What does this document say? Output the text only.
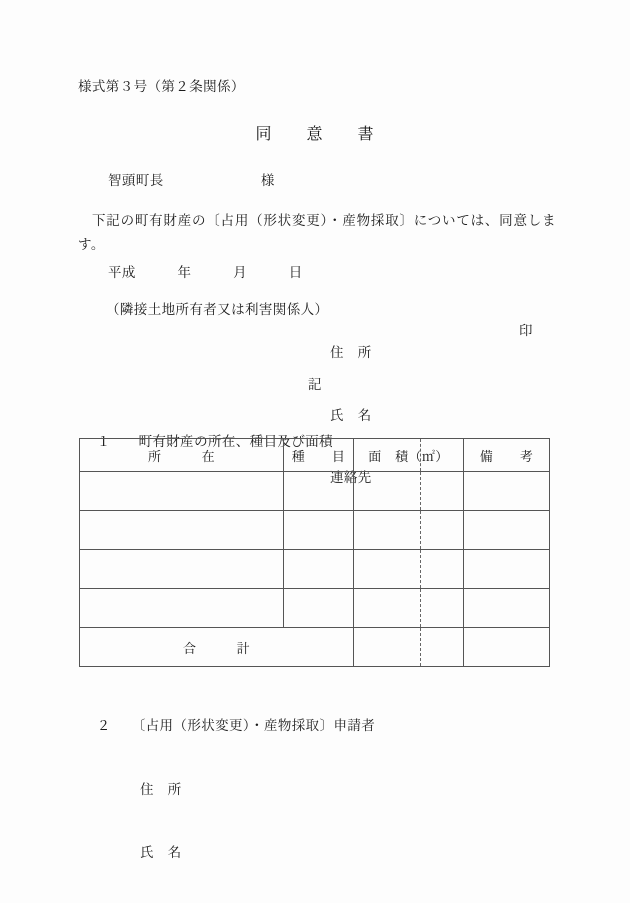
様式第３号（第２条関係）
同　　意　　書
智頭町長　　　　　　　様
下記の町有財産の〔占用（形状変更）・産物採取〕については、同意します。
平成　　　年　　　月　　　日
（隣接土地所有者又は利害関係人）

住　所

氏　名

連絡先

印
記

１　　 町有財産の所在、種目及び面積

所　　　在	種　　目	面　積（㎡）	備　　考

合　　　計			

２　　 〔占用（形状変更）・産物採取〕申請者

住　所

氏　名
